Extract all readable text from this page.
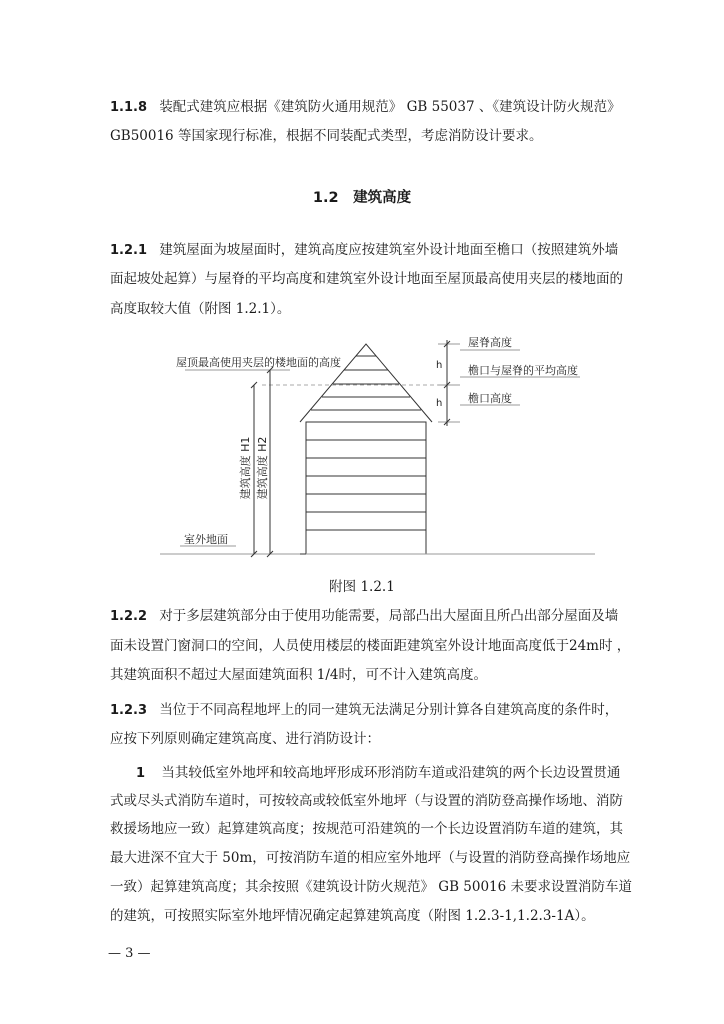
1.1.8 装配式建筑应根据《建筑防火通用规范》 GB 55037 、《建筑设计防火规范》
GB50016 等国家现行标准，根据不同装配式类型，考虑消防设计要求。
1.2　建筑高度
1.2.1 建筑屋面为坡屋面时，建筑高度应按建筑室外设计地面至檐口（按照建筑外墙
面起坡处起算）与屋脊的平均高度和建筑室外设计地面至屋顶最高使用夹层的楼地面的
高度取较大值（附图 1.2.1）。
屋顶最高使用夹层的楼地面的高度
屋脊高度
檐口与屋脊的平均高度
檐口高度
h
h
建筑高度 H1 建筑高度 H2
室外地面
附图 1.2.1
1.2.2 对于多层建筑部分由于使用功能需要，局部凸出大屋面且所凸出部分屋面及墙
面未设置门窗洞口的空间，人员使用楼层的楼面距建筑室外设计地面高度低于24m时 ，
其建筑面积不超过大屋面建筑面积 1/4时，可不计入建筑高度。
1.2.3 当位于不同高程地坪上的同一建筑无法满足分别计算各自建筑高度的条件时，
应按下列原则确定建筑高度、进行消防设计：
1 当其较低室外地坪和较高地坪形成环形消防车道或沿建筑的两个长边设置贯通
式或尽头式消防车道时，可按较高或较低室外地坪（与设置的消防登高操作场地、消防
救援场地应一致）起算建筑高度；按规范可沿建筑的一个长边设置消防车道的建筑，其
最大进深不宜大于 50m，可按消防车道的相应室外地坪（与设置的消防登高操作场地应
一致）起算建筑高度；其余按照《建筑设计防火规范》 GB 50016 未要求设置消防车道
的建筑，可按照实际室外地坪情况确定起算建筑高度（附图 1.2.3-1,1.2.3-1A）。
— 3 —
